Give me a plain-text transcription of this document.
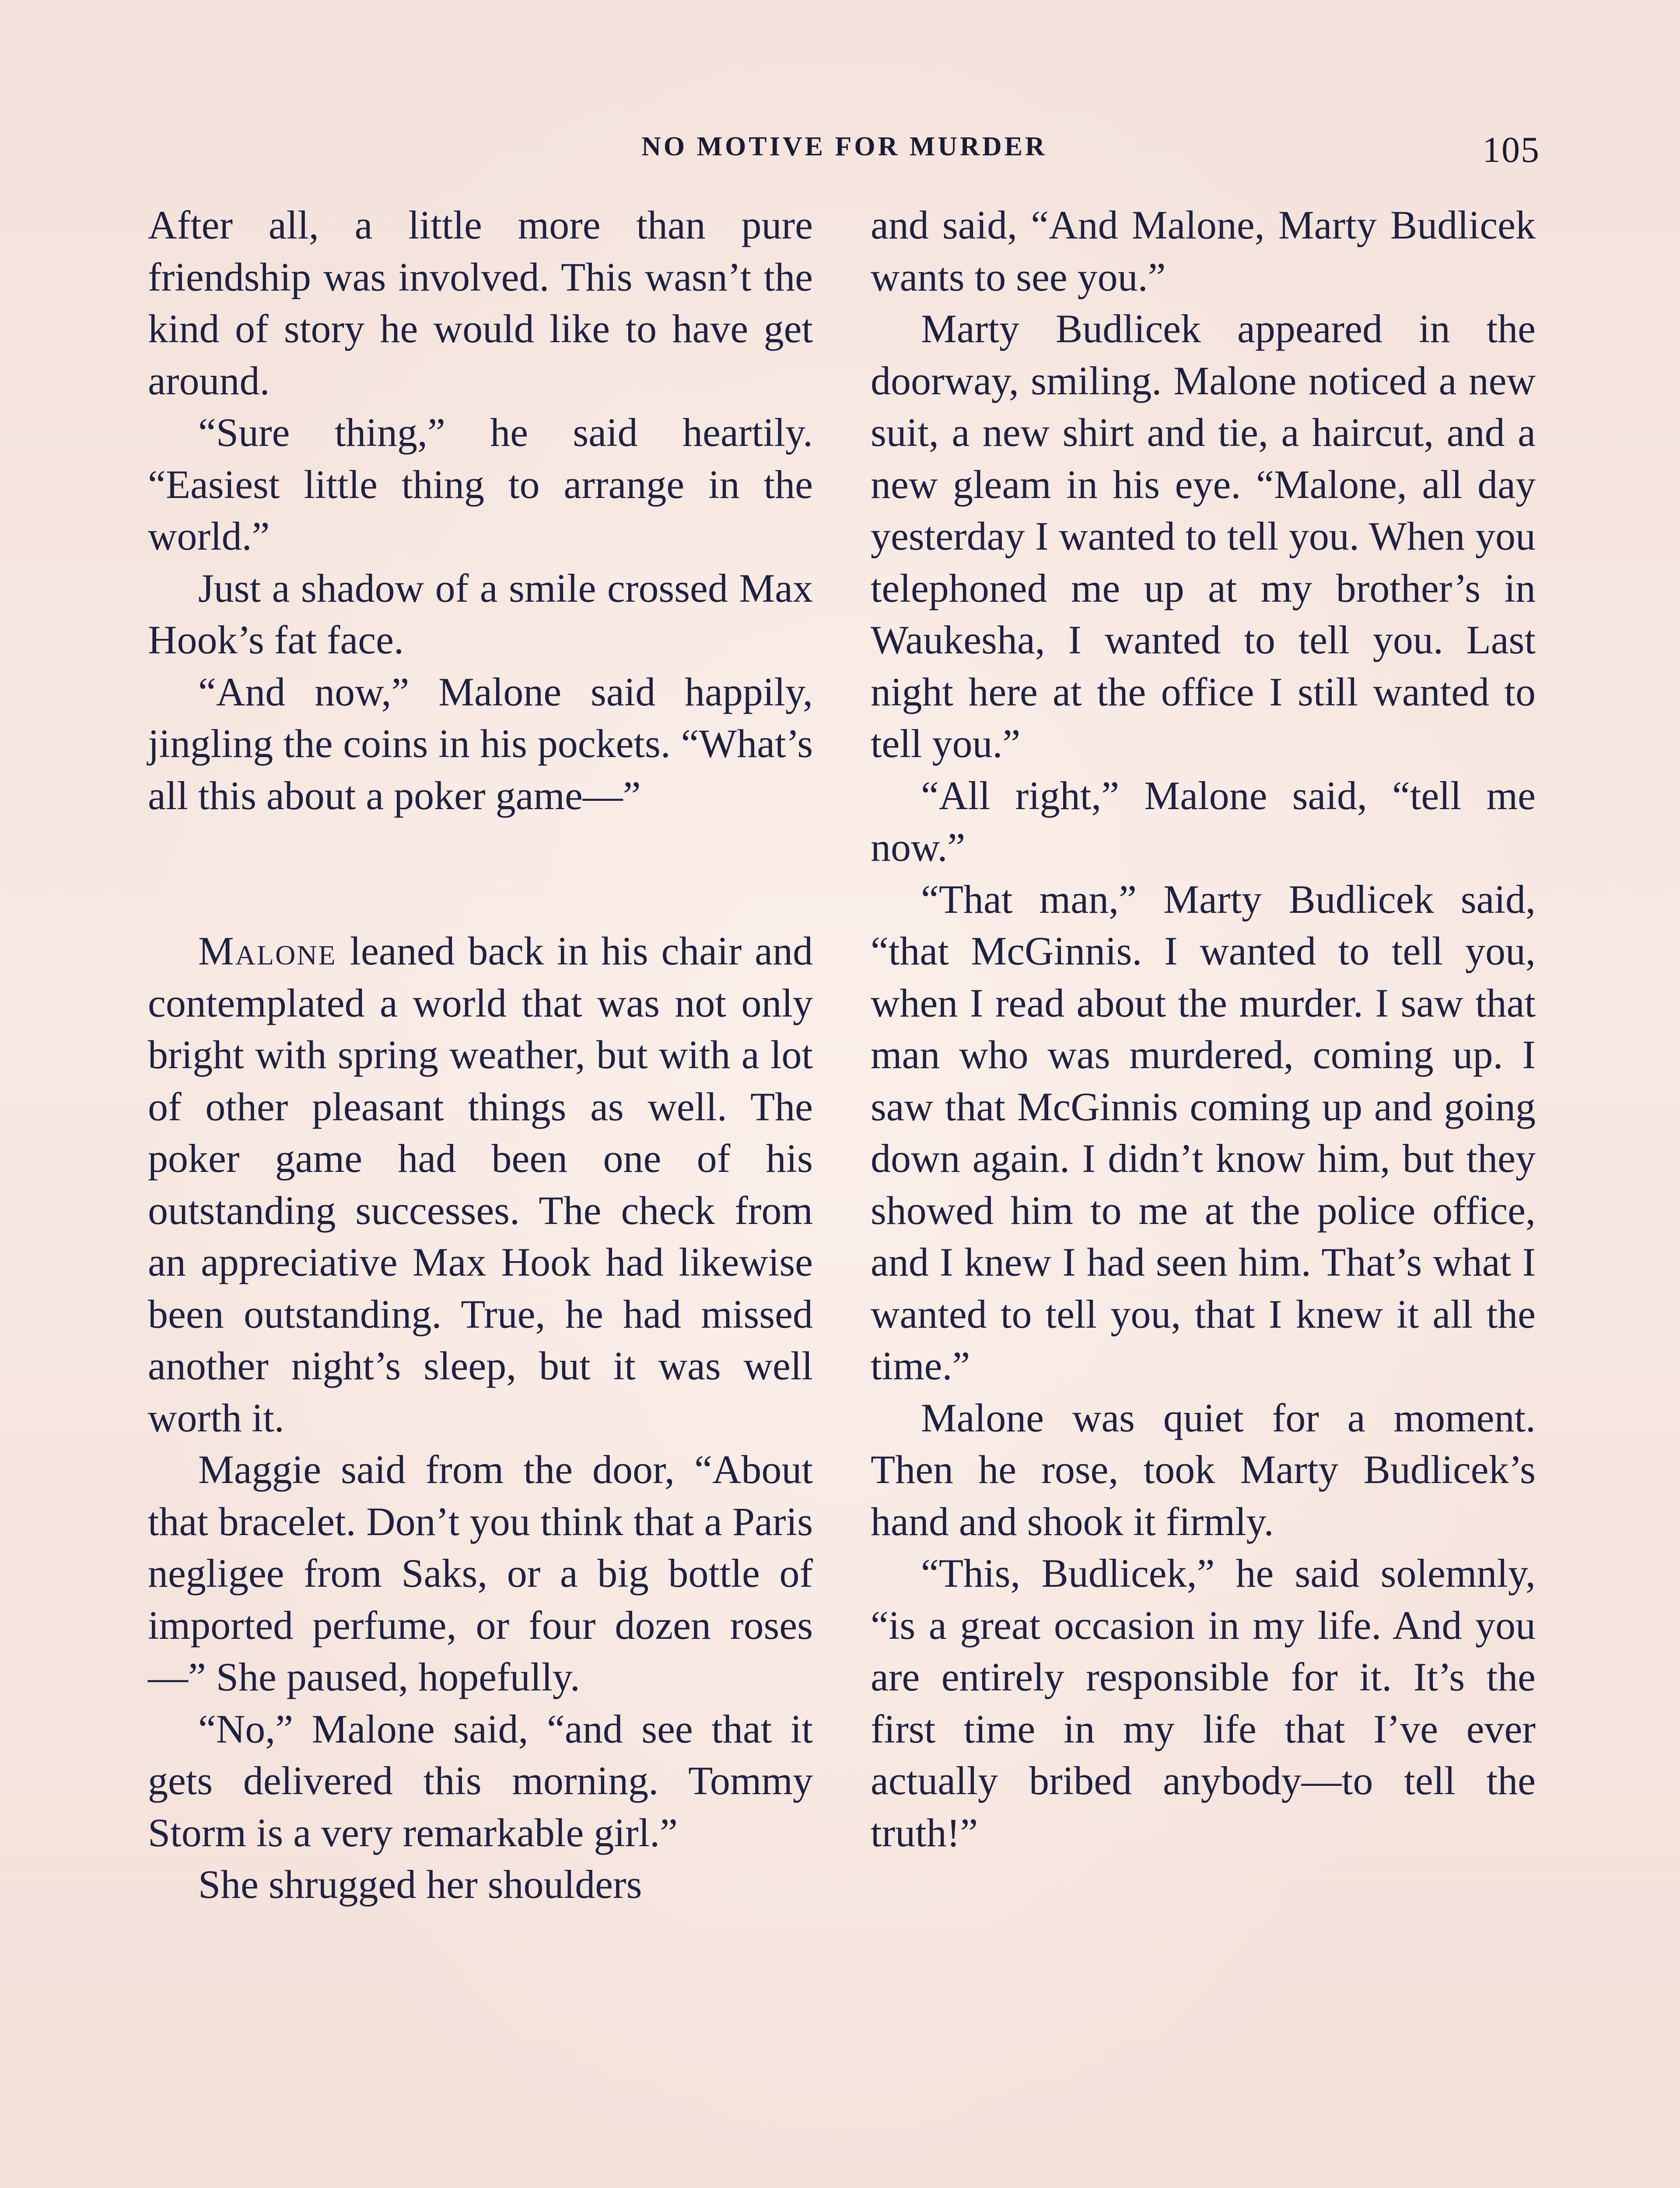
NO MOTIVE FOR MURDER	105

After all, a little more than pure friendship was involved. This wasn’t the kind of story he would like to have get around.

“Sure thing,” he said heartily. “Easiest little thing to arrange in the world.”

Just a shadow of a smile crossed Max Hook’s fat face.

“And now,” Malone said happily, jingling the coins in his pockets. “What’s all this about a poker game—”

Malone leaned back in his chair and contemplated a world that was not only bright with spring weather, but with a lot of other pleasant things as well. The poker game had been one of his outstanding successes. The check from an appreciative Max Hook had likewise been outstanding. True, he had missed another night’s sleep, but it was well worth it.

Maggie said from the door, “About that bracelet. Don’t you think that a Paris negligee from Saks, or a big bottle of imported perfume, or four dozen roses—” She paused, hopefully.

“No,” Malone said, “and see that it gets delivered this morning. Tommy Storm is a very remarkable girl.”

She shrugged her shoulders

and said, “And Malone, Marty Budlicek wants to see you.”

Marty Budlicek appeared in the doorway, smiling. Malone noticed a new suit, a new shirt and tie, a haircut, and a new gleam in his eye. “Malone, all day yesterday I wanted to tell you. When you telephoned me up at my brother’s in Waukesha, I wanted to tell you. Last night here at the office I still wanted to tell you.”

“All right,” Malone said, “tell me now.”

“That man,” Marty Budlicek said, “that McGinnis. I wanted to tell you, when I read about the murder. I saw that man who was murdered, coming up. I saw that McGinnis coming up and going down again. I didn’t know him, but they showed him to me at the police office, and I knew I had seen him. That’s what I wanted to tell you, that I knew it all the time.”

Malone was quiet for a moment. Then he rose, took Marty Budlicek’s hand and shook it firmly.

“This, Budlicek,” he said solemnly, “is a great occasion in my life. And you are entirely responsible for it. It’s the first time in my life that I’ve ever actually bribed anybody—to tell the truth!”
